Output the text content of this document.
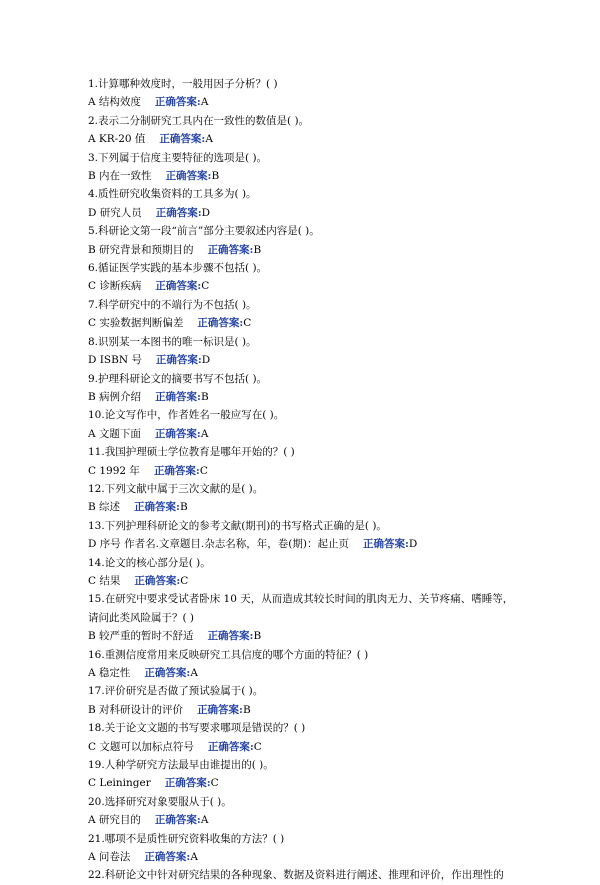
1.计算哪种效度时，一般用因子分析？( )
A 结构效度 正确答案:A
2.表示二分制研究工具内在一致性的数值是( )。
A KR-20 值 正确答案:A
3.下列属于信度主要特征的选项是( )。
B 内在一致性 正确答案:B
4.质性研究收集资料的工具多为( )。
D 研究人员 正确答案:D
5.科研论文第一段“前言”部分主要叙述内容是( )。
B 研究背景和预期目的 正确答案:B
6.循证医学实践的基本步骤不包括( )。
C 诊断疾病 正确答案:C
7.科学研究中的不端行为不包括( )。
C 实验数据判断偏差 正确答案:C
8.识别某一本图书的唯一标识是( )。
D ISBN 号 正确答案:D
9.护理科研论文的摘要书写不包括( )。
B 病例介绍 正确答案:B
10.论文写作中，作者姓名一般应写在( )。
A 文题下面 正确答案:A
11.我国护理硕士学位教育是哪年开始的？( )
C 1992 年 正确答案:C
12.下列文献中属于三次文献的是( )。
B 综述 正确答案:B
13.下列护理科研论文的参考文献(期刊)的书写格式正确的是( )。
D 序号 作者名.文章题目.杂志名称，年，卷(期)：起止页 正确答案:D
14.论文的核心部分是( )。
C 结果 正确答案:C
15.在研究中要求受试者卧床 10 天，从而造成其较长时间的肌肉无力、关节疼痛、嗜睡等，请问此类风险属于？( )
B 较严重的暂时不舒适 正确答案:B
16.重测信度常用来反映研究工具信度的哪个方面的特征？( )
A 稳定性 正确答案:A
17.评价研究是否做了预试验属于( )。
B 对科研设计的评价 正确答案:B
18.关于论文文题的书写要求哪项是错误的？( )
C 文题可以加标点符号 正确答案:C
19.人种学研究方法最早由谁提出的( )。
C Leininger 正确答案:C
20.选择研究对象要服从于( )。
A 研究目的 正确答案:A
21.哪项不是质性研究资料收集的方法？( )
A 问卷法 正确答案:A
22.科研论文中针对研究结果的各种现象、数据及资料进行阐述、推理和评价，作出理性的
